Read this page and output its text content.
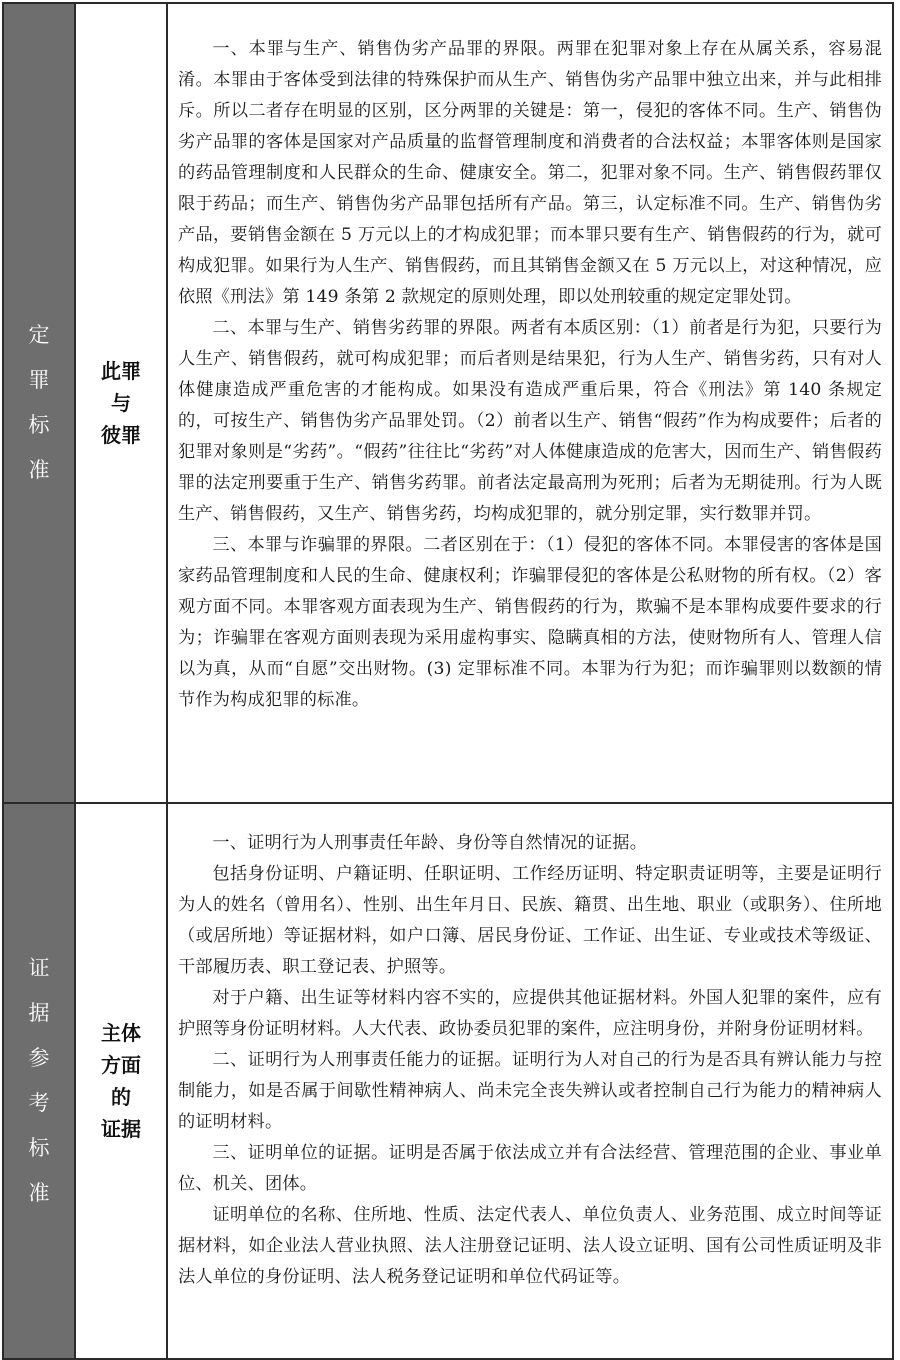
定
罪
标
准
此罪
与
彼罪

一、本罪与生产、销售伪劣产品罪的界限。两罪在犯罪对象上存在从属关系，容易混淆。本罪由于客体受到法律的特殊保护而从生产、销售伪劣产品罪中独立出来，并与此相排斥。所以二者存在明显的区别，区分两罪的关键是：第一，侵犯的客体不同。生产、销售伪劣产品罪的客体是国家对产品质量的监督管理制度和消费者的合法权益；本罪客体则是国家的药品管理制度和人民群众的生命、健康安全。第二，犯罪对象不同。生产、销售假药罪仅限于药品；而生产、销售伪劣产品罪包括所有产品。第三，认定标准不同。生产、销售伪劣产品，要销售金额在 5 万元以上的才构成犯罪；而本罪只要有生产、销售假药的行为，就可构成犯罪。如果行为人生产、销售假药，而且其销售金额又在 5 万元以上，对这种情况，应依照《刑法》第 149 条第 2 款规定的原则处理，即以处刑较重的规定定罪处罚。

二、本罪与生产、销售劣药罪的界限。两者有本质区别：（1）前者是行为犯，只要行为人生产、销售假药，就可构成犯罪；而后者则是结果犯，行为人生产、销售劣药，只有对人体健康造成严重危害的才能构成。如果没有造成严重后果，符合《刑法》第 140 条规定的，可按生产、销售伪劣产品罪处罚。（2）前者以生产、销售“假药”作为构成要件；后者的犯罪对象则是“劣药”。“假药”往往比“劣药”对人体健康造成的危害大，因而生产、销售假药罪的法定刑要重于生产、销售劣药罪。前者法定最高刑为死刑；后者为无期徒刑。行为人既生产、销售假药，又生产、销售劣药，均构成犯罪的，就分别定罪，实行数罪并罚。

三、本罪与诈骗罪的界限。二者区别在于：（1）侵犯的客体不同。本罪侵害的客体是国家药品管理制度和人民的生命、健康权利；诈骗罪侵犯的客体是公私财物的所有权。（2）客观方面不同。本罪客观方面表现为生产、销售假药的行为，欺骗不是本罪构成要件要求的行为；诈骗罪在客观方面则表现为采用虚构事实、隐瞒真相的方法，使财物所有人、管理人信以为真，从而“自愿”交出财物。(3) 定罪标准不同。本罪为行为犯；而诈骗罪则以数额的情节作为构成犯罪的标准。

证
据
参
考
标
准
主体
方面
的
证据

一、证明行为人刑事责任年龄、身份等自然情况的证据。

包括身份证明、户籍证明、任职证明、工作经历证明、特定职责证明等，主要是证明行为人的姓名（曾用名）、性别、出生年月日、民族、籍贯、出生地、职业（或职务）、住所地（或居所地）等证据材料，如户口簿、居民身份证、工作证、出生证、专业或技术等级证、干部履历表、职工登记表、护照等。

对于户籍、出生证等材料内容不实的，应提供其他证据材料。外国人犯罪的案件，应有护照等身份证明材料。人大代表、政协委员犯罪的案件，应注明身份，并附身份证明材料。

二、证明行为人刑事责任能力的证据。证明行为人对自己的行为是否具有辨认能力与控制能力，如是否属于间歇性精神病人、尚未完全丧失辨认或者控制自己行为能力的精神病人的证明材料。

三、证明单位的证据。证明是否属于依法成立并有合法经营、管理范围的企业、事业单位、机关、团体。

证明单位的名称、住所地、性质、法定代表人、单位负责人、业务范围、成立时间等证据材料，如企业法人营业执照、法人注册登记证明、法人设立证明、国有公司性质证明及非法人单位的身份证明、法人税务登记证明和单位代码证等。
